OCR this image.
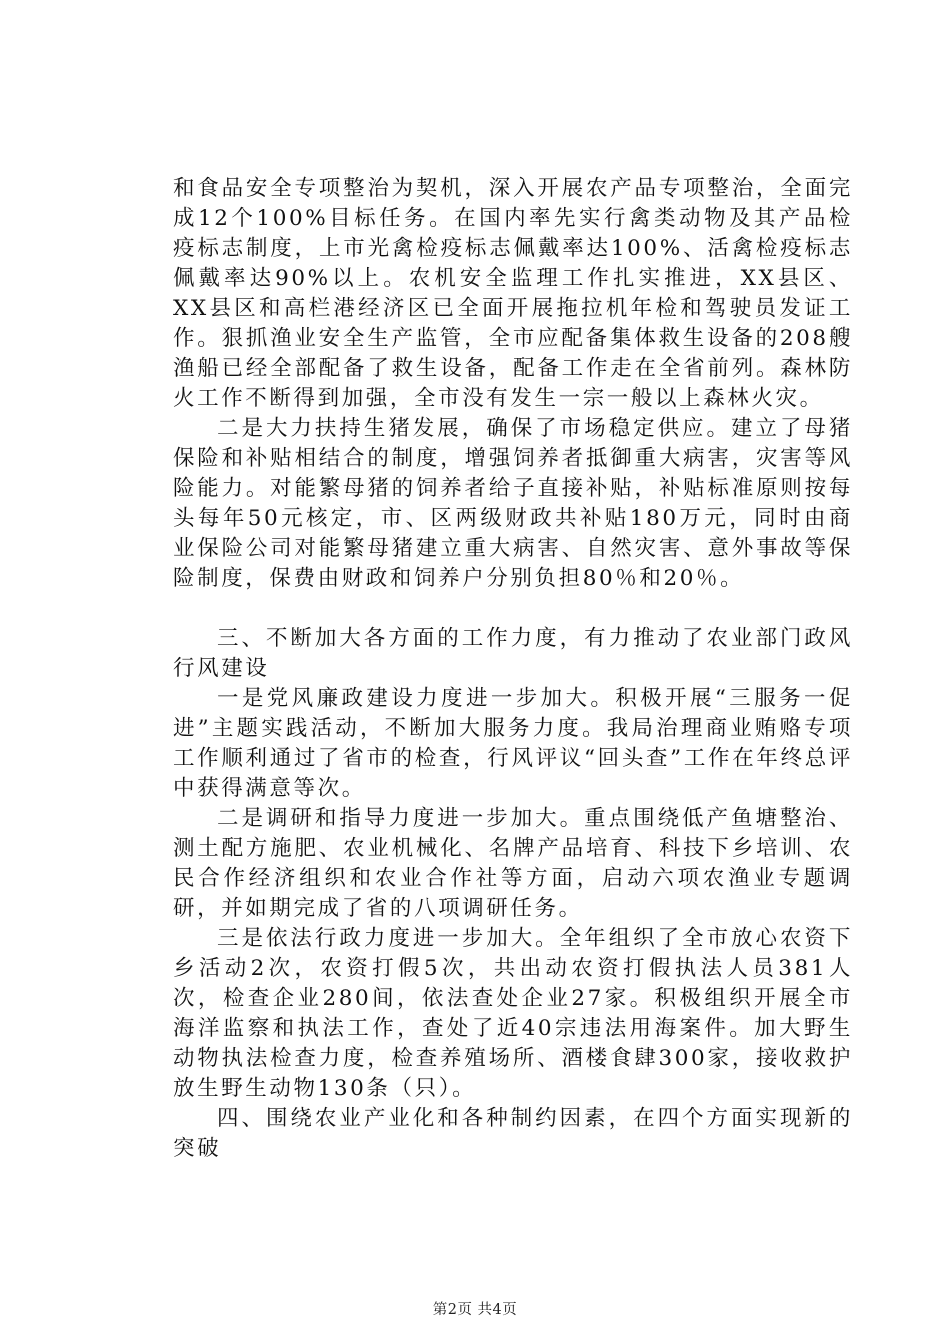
和食品安全专项整治为契机，深入开展农产品专项整治，全面完成12个100%目标任务。在国内率先实行禽类动物及其产品检疫标志制度，上市光禽检疫标志佩戴率达100%、活禽检疫标志佩戴率达90%以上。农机安全监理工作扎实推进，XX县区、XX县区和高栏港经济区已全面开展拖拉机年检和驾驶员发证工作。狠抓渔业安全生产监管，全市应配备集体救生设备的208艘渔船已经全部配备了救生设备，配备工作走在全省前列。森林防火工作不断得到加强，全市没有发生一宗一般以上森林火灾。

二是大力扶持生猪发展，确保了市场稳定供应。建立了母猪保险和补贴相结合的制度，增强饲养者抵御重大病害，灾害等风险能力。对能繁母猪的饲养者给子直接补贴，补贴标准原则按每头每年50元核定，市、区两级财政共补贴180万元，同时由商业保险公司对能繁母猪建立重大病害、自然灾害、意外事故等保险制度，保费由财政和饲养户分别负担80％和20％。

三、不断加大各方面的工作力度，有力推动了农业部门政风行风建设

一是党风廉政建设力度进一步加大。积极开展“三服务一促进”主题实践活动，不断加大服务力度。我局治理商业贿赂专项工作顺利通过了省市的检查，行风评议“回头查”工作在年终总评中获得满意等次。

二是调研和指导力度进一步加大。重点围绕低产鱼塘整治、测土配方施肥、农业机械化、名牌产品培育、科技下乡培训、农民合作经济组织和农业合作社等方面，启动六项农渔业专题调研，并如期完成了省的八项调研任务。

三是依法行政力度进一步加大。全年组织了全市放心农资下乡活动2次，农资打假5次，共出动农资打假执法人员381人次，检查企业280间，依法查处企业27家。积极组织开展全市海洋监察和执法工作，查处了近40宗违法用海案件。加大野生动物执法检查力度，检查养殖场所、酒楼食肆300家，接收救护放生野生动物130条（只）。

四、围绕农业产业化和各种制约因素，在四个方面实现新的突破

第2页 共4页
